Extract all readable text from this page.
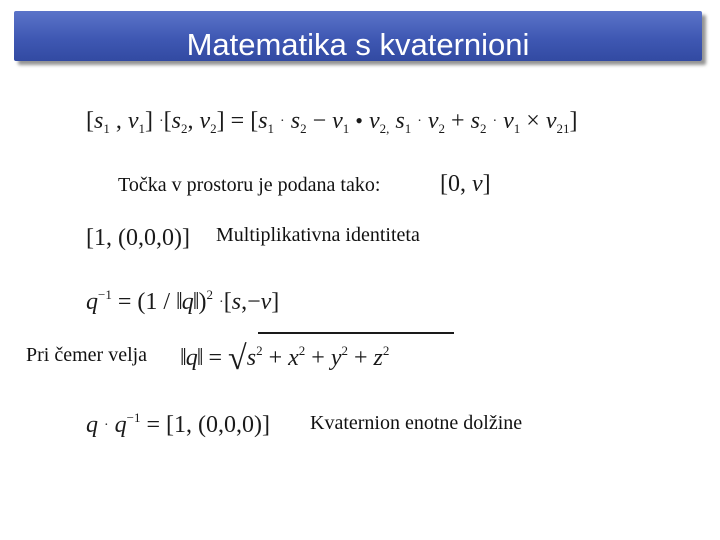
Matematika s kvaternioni
[$s_1$ , $v_1] \cdot[s_2$, $v_2] = [s_1 \cdot s_2 - v_1$ • $v_{2,}$ $s_1 \cdot v_2 + s_2 \cdot v_1 \times v_{21}$]
Točka v prostoru je podana tako: [0, v]
[1, (0,0,0)] Multiplikativna identiteta
$q^{-1} = (1$ / ‖q‖)$^2$ ·[s,−v]
Pri čemer velja ‖q‖ = $√s^2 + x^2 + y^2 + z^2$
$q \cdot q^{-1} = [1$, (0,0,0)] Kvaternion enotne dolžine
